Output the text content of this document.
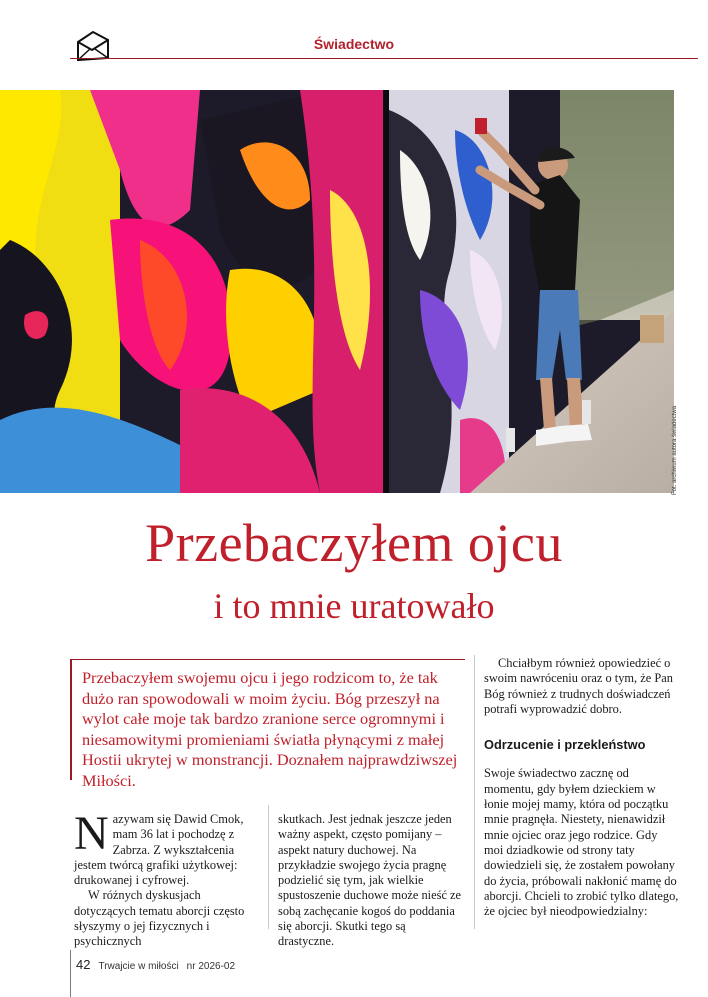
Świadectwo
Fot. archiwum autora świadectwa
Przebaczyłem ojcu
i to mnie uratowało
Przebaczyłem swojemu ojcu i jego rodzicom to, że tak dużo ran spowodowali w moim życiu. Bóg przeszył na wylot całe moje tak bardzo zranione serce ogromnymi i niesamowitymi promieniami światła płynącymi z małej Hostii ukrytej w monstrancji. Doznałem najprawdziwszej Miłości.

Nazywam się Dawid Cmok, mam 36 lat i pochodzę z Zabrza. Z wykształcenia jestem twórcą grafiki użytkowej: drukowanej i cyfrowej.

W różnych dyskusjach dotyczących tematu aborcji często słyszymy o jej fizycznych i psychicznych

skutkach. Jest jednak jeszcze jeden ważny aspekt, często pomijany – aspekt natury duchowej. Na przykładzie swojego życia pragnę podzielić się tym, jak wielkie spustoszenie duchowe może nieść ze sobą zachęcanie kogoś do poddania się aborcji. Skutki tego są drastyczne.

Chciałbym również opowiedzieć o swoim nawróceniu oraz o tym, że Pan Bóg również z trudnych doświadczeń potrafi wyprowadzić dobro.

Odrzucenie i przekleństwo

Swoje świadectwo zacznę od momentu, gdy byłem dzieckiem w łonie mojej mamy, która od początku mnie pragnęła. Niestety, nienawidził mnie ojciec oraz jego rodzice. Gdy moi dziadkowie od strony taty dowiedzieli się, że zostałem powołany do życia, próbowali nakłonić mamę do aborcji. Chcieli to zrobić tylko dlatego, że ojciec był nieodpowiedzialny:

42 Trwajcie w miłości nr 2026-02
